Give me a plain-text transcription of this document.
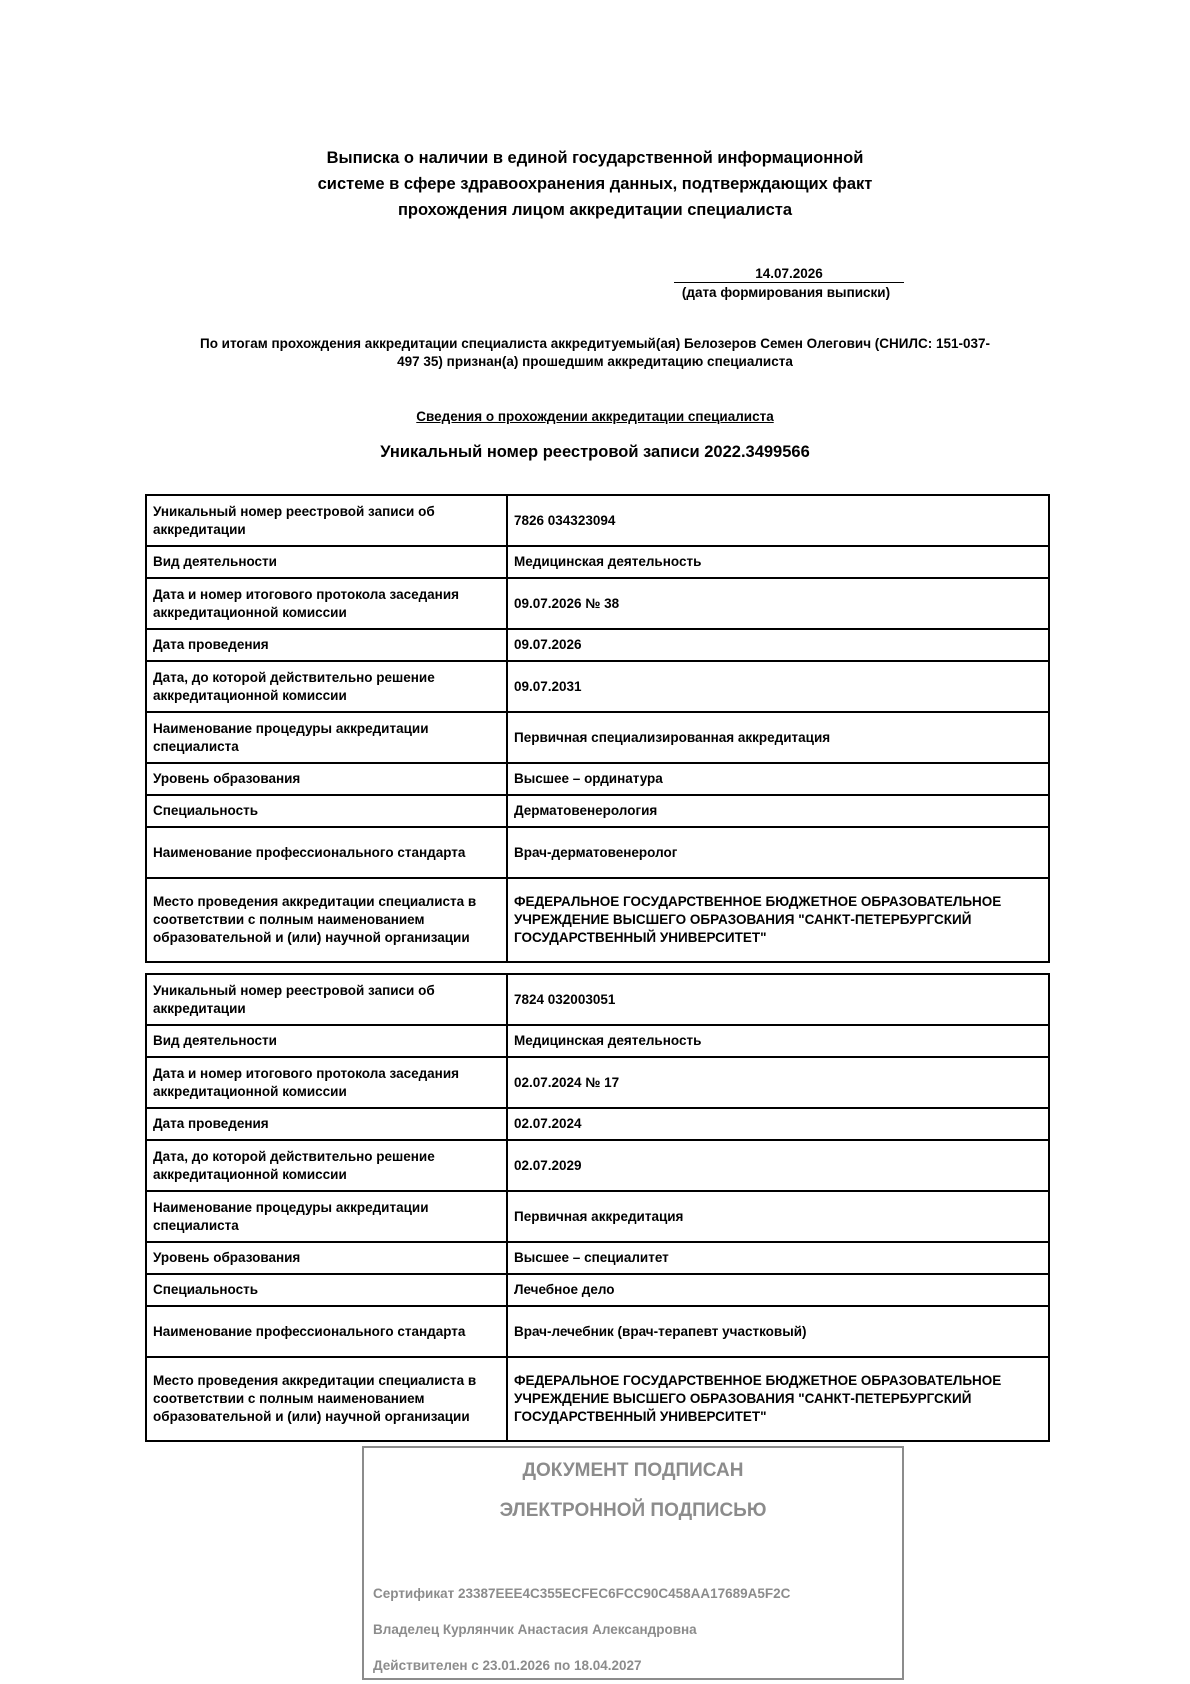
Выписка о наличии в единой государственной информационной
системе в сфере здравоохранения данных, подтверждающих факт
прохождения лицом аккредитации специалиста
14.07.2026
(дата формирования выписки)
По итогам прохождения аккредитации специалиста аккредитуемый(ая) Белозеров Семен Олегович (СНИЛС: 151-037-
497 35) признан(а) прошедшим аккредитацию специалиста
Сведения о прохождении аккредитации специалиста
Уникальный номер реестровой записи 2022.3499566
Уникальный номер реестровой записи об аккредитации	7826 034323094
Вид деятельности	Медицинская деятельность
Дата и номер итогового протокола заседания аккредитационной комиссии	09.07.2026 № 38
Дата проведения	09.07.2026
Дата, до которой действительно решение аккредитационной комиссии	09.07.2031
Наименование процедуры аккредитации специалиста	Первичная специализированная аккредитация
Уровень образования	Высшее – ординатура
Специальность	Дерматовенерология
Наименование профессионального стандарта	Врач-дерматовенеролог
Место проведения аккредитации специалиста в соответствии с полным наименованием образовательной и (или) научной организации	ФЕДЕРАЛЬНОЕ ГОСУДАРСТВЕННОЕ БЮДЖЕТНОЕ ОБРАЗОВАТЕЛЬНОЕ УЧРЕЖДЕНИЕ ВЫСШЕГО ОБРАЗОВАНИЯ "САНКТ-ПЕТЕРБУРГСКИЙ ГОСУДАРСТВЕННЫЙ УНИВЕРСИТЕТ"
Уникальный номер реестровой записи об аккредитации	7824 032003051
Вид деятельности	Медицинская деятельность
Дата и номер итогового протокола заседания аккредитационной комиссии	02.07.2024 № 17
Дата проведения	02.07.2024
Дата, до которой действительно решение аккредитационной комиссии	02.07.2029
Наименование процедуры аккредитации специалиста	Первичная аккредитация
Уровень образования	Высшее – специалитет
Специальность	Лечебное дело
Наименование профессионального стандарта	Врач-лечебник (врач-терапевт участковый)
Место проведения аккредитации специалиста в соответствии с полным наименованием образовательной и (или) научной организации	ФЕДЕРАЛЬНОЕ ГОСУДАРСТВЕННОЕ БЮДЖЕТНОЕ ОБРАЗОВАТЕЛЬНОЕ УЧРЕЖДЕНИЕ ВЫСШЕГО ОБРАЗОВАНИЯ "САНКТ-ПЕТЕРБУРГСКИЙ ГОСУДАРСТВЕННЫЙ УНИВЕРСИТЕТ"
ДОКУМЕНТ ПОДПИСАН
ЭЛЕКТРОННОЙ ПОДПИСЬЮ
Сертификат 23387EEE4C355ECFEC6FCC90C458AA17689A5F2C
Владелец Курлянчик Анастасия Александровна
Действителен с 23.01.2026 по 18.04.2027
